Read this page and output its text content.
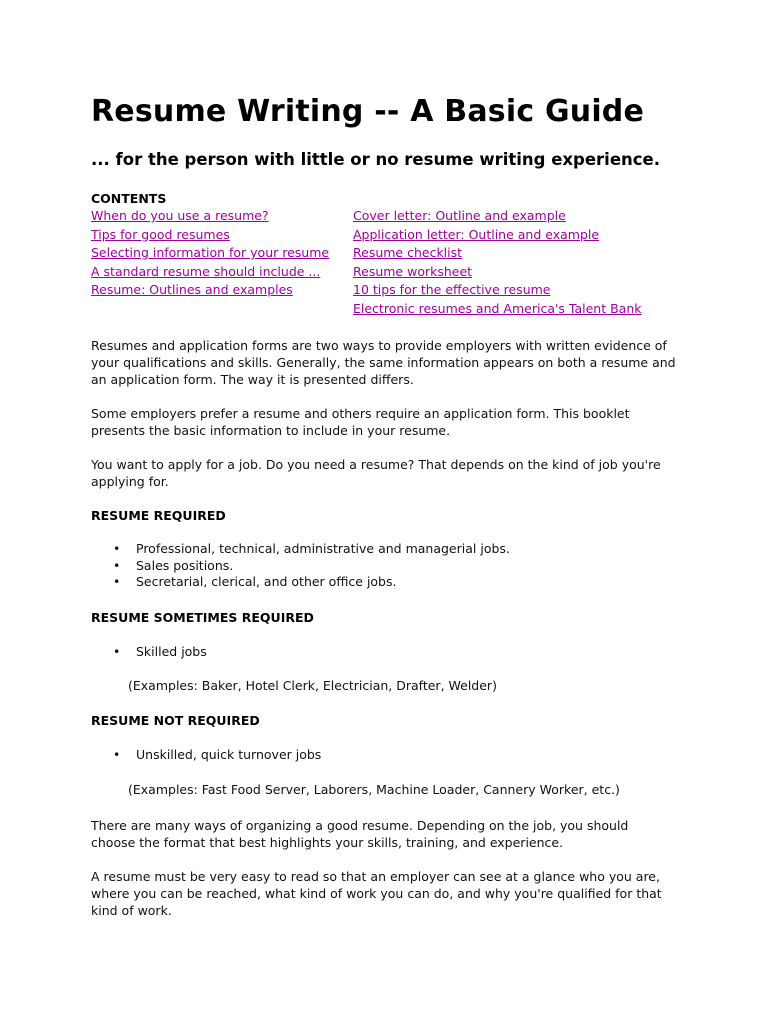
Resume Writing -- A Basic Guide

... for the person with little or no resume writing experience.

CONTENTS
When do you use a resume?
Tips for good resumes
Selecting information for your resume
A standard resume should include ...
Resume: Outlines and examples
Cover letter: Outline and example
Application letter: Outline and example
Resume checklist
Resume worksheet
10 tips for the effective resume
Electronic resumes and America's Talent Bank

Resumes and application forms are two ways to provide employers with written evidence of your qualifications and skills. Generally, the same information appears on both a resume and an application form. The way it is presented differs.

Some employers prefer a resume and others require an application form. This booklet presents the basic information to include in your resume.

You want to apply for a job. Do you need a resume? That depends on the kind of job you're applying for.

RESUME REQUIRED

• Professional, technical, administrative and managerial jobs.
• Sales positions.
• Secretarial, clerical, and other office jobs.

RESUME SOMETIMES REQUIRED

• Skilled jobs

(Examples: Baker, Hotel Clerk, Electrician, Drafter, Welder)

RESUME NOT REQUIRED

• Unskilled, quick turnover jobs

(Examples: Fast Food Server, Laborers, Machine Loader, Cannery Worker, etc.)

There are many ways of organizing a good resume. Depending on the job, you should choose the format that best highlights your skills, training, and experience.

A resume must be very easy to read so that an employer can see at a glance who you are, where you can be reached, what kind of work you can do, and why you're qualified for that kind of work.
